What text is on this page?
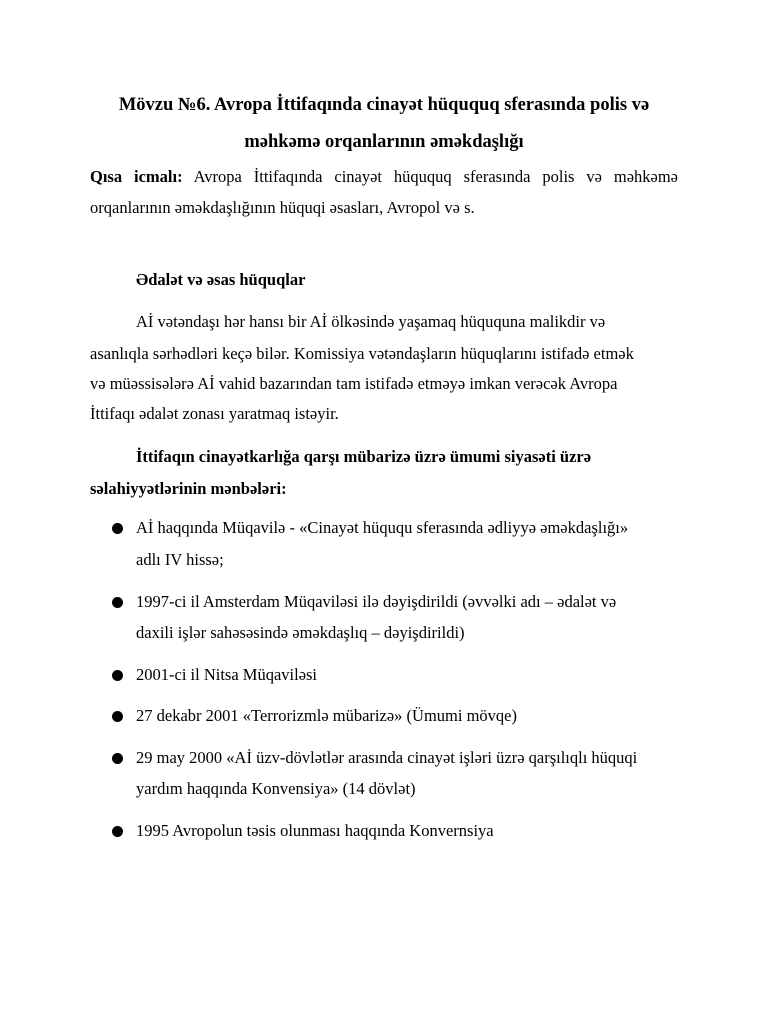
Mövzu №6. Avropa İttifaqında cinayət hüququq sferasında polis və
məhkəmə orqanlarının əməkdaşlığı
Qısa icmalı: Avropa İttifaqında cinayət hüququq sferasında polis və məhkəmə
orqanlarının əməkdaşlığının hüquqi əsasları, Avropol və s.
Ədalət və əsas hüquqlar
Aİ vətəndaşı hər hansı bir Aİ ölkəsində yaşamaq hüququna malikdir və
asanlıqla sərhədləri keçə bilər. Komissiya vətəndaşların hüquqlarını istifadə etmək
və müəssisələrə Aİ vahid bazarından tam istifadə etməyə imkan verəcək Avropa
İttifaqı ədalət zonası yaratmaq istəyir.
İttifaqın cinayətkarlığa qarşı mübarizə üzrə ümumi siyasəti üzrə
səlahiyyətlərinin mənbələri:
Aİ haqqında Müqavilə - «Cinayət hüququ sferasında ədliyyə əməkdaşlığı»
adlı IV hissə;
1997-ci il Amsterdam Müqaviləsi ilə dəyişdirildi (əvvəlki adı – ədalət və
daxili işlər sahəsəsində əməkdaşlıq – dəyişdirildi)
2001-ci il Nitsa Müqaviləsi
27 dekabr 2001 «Terrorizmlə mübarizə» (Ümumi mövqe)
29 may 2000 «Aİ üzv-dövlətlər arasında cinayət işləri üzrə qarşılıqlı hüquqi
yardım haqqında Konvensiya» (14 dövlət)
1995 Avropolun təsis olunması haqqında Konvernsiya
